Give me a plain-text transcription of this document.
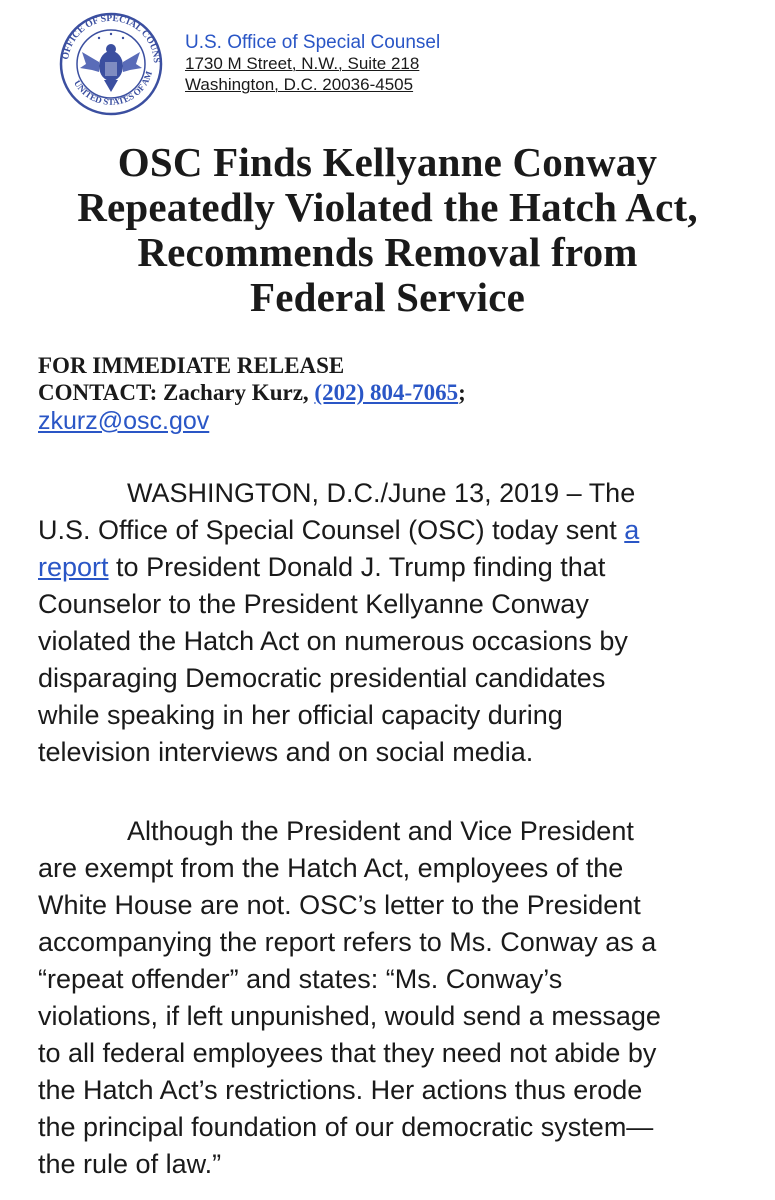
OFFICE OF SPECIAL COUNS
UNITED STATES OF AM
U.S. Office of Special Counsel
1730 M Street, N.W., Suite 218
Washington, D.C. 20036-4505
OSC Finds Kellyanne Conway
Repeatedly Violated the Hatch Act,
Recommends Removal from
Federal Service
FOR IMMEDIATE RELEASE
CONTACT: Zachary Kurz, (202) 804-7065;
zkurz@osc.gov
WASHINGTON, D.C./June 13, 2019 – The
U.S. Office of Special Counsel (OSC) today sent a
report to President Donald J. Trump finding that
Counselor to the President Kellyanne Conway
violated the Hatch Act on numerous occasions by
disparaging Democratic presidential candidates
while speaking in her official capacity during
television interviews and on social media.
Although the President and Vice President
are exempt from the Hatch Act, employees of the
White House are not. OSC’s letter to the President
accompanying the report refers to Ms. Conway as a
“repeat offender” and states: “Ms. Conway’s
violations, if left unpunished, would send a message
to all federal employees that they need not abide by
the Hatch Act’s restrictions. Her actions thus erode
the principal foundation of our democratic system—
the rule of law.”
